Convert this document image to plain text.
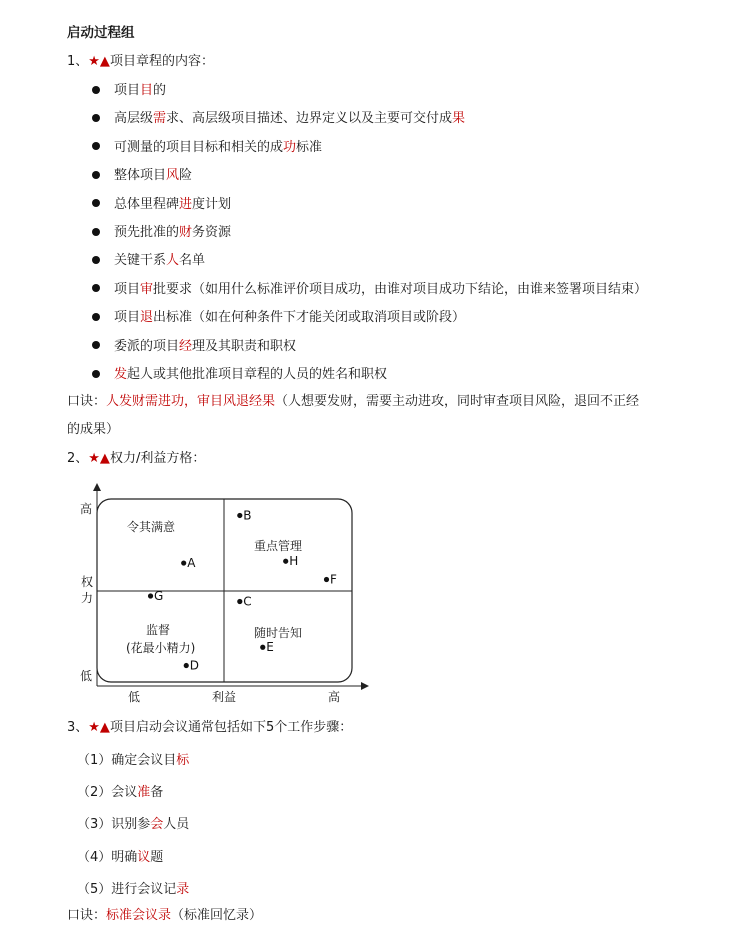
启动过程组
1、★▲项目章程的内容：
项目目的
高层级需求、高层级项目描述、边界定义以及主要可交付成果
可测量的项目目标和相关的成功标准
整体项目风险
总体里程碑进度计划
预先批准的财务资源
关键干系人名单
项目审批要求（如用什么标准评价项目成功，由谁对项目成功下结论，由谁来签署项目结束）
项目退出标准（如在何种条件下才能关闭或取消项目或阶段）
委派的项目经理及其职责和职权
发起人或其他批准项目章程的人员的姓名和职权
口诀：人发财需进功，审目风退经果（人想要发财，需要主动进攻，同时审查项目风险，退回不正经
的成果）
2、★▲权力/利益方格：
A
B
C
D
E
F
G
H
高
低
权
力
低	利益	高
令其满意
重点管理
监督
(花最小精力)
随时告知
3、★▲项目启动会议通常包括如下5个工作步骤：
（1）确定会议目标
（2）会议准备
（3）识别参会人员
（4）明确议题
（5）进行会议记录
口诀：标准会议录（标准回忆录）
